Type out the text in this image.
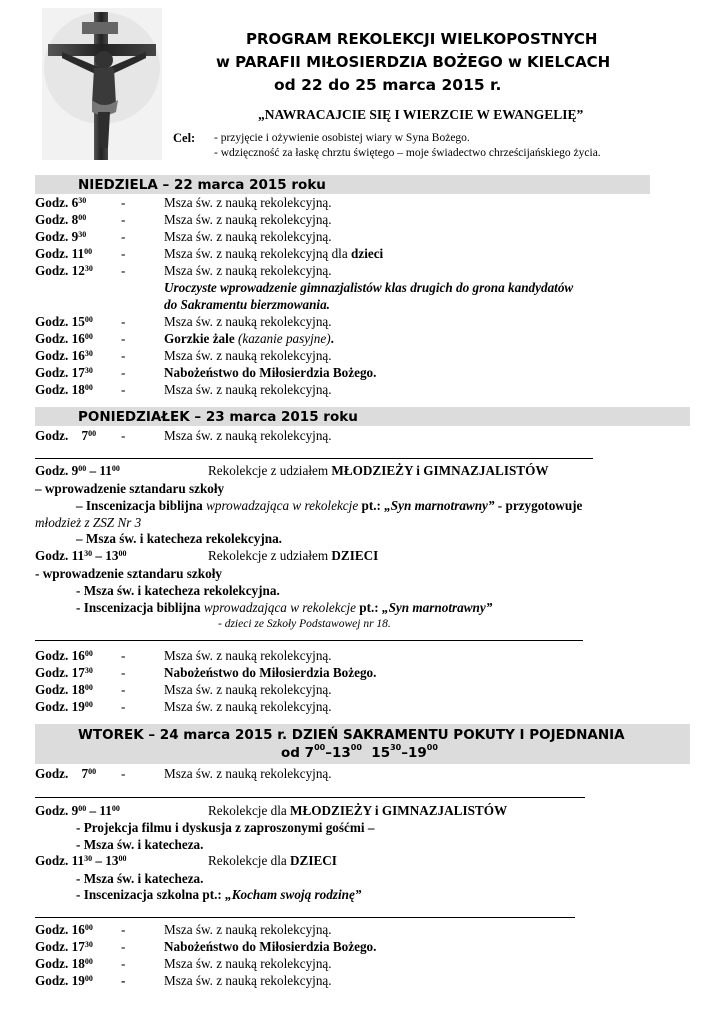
PROGRAM REKOLEKCJI WIELKOPOSTNYCH
w PARAFII MIŁOSIERDZIA BOŻEGO w KIELCACH
od 22 do 25 marca 2015 r.
„NAWRACAJCIE SIĘ I WIERZCIE W EWANGELIĘ”
Cel: - przyjęcie i ożywienie osobistej wiary w Syna Bożego.
- wdzięczność za łaskę chrztu świętego – moje świadectwo chrześcijańskiego życia.
NIEDZIELA – 22 marca 2015 roku
Godz. $6^{30}$	-	Msza św. z nauką rekolekcyjną.
Godz. $8^{00}$	-	Msza św. z nauką rekolekcyjną.
Godz. $9^{30}$	-	Msza św. z nauką rekolekcyjną.
Godz. $11^{00}$ -	Msza św. z nauką rekolekcyjną dla dzieci
Godz. $12^{30}$ -	Msza św. z nauką rekolekcyjną.
Uroczyste wprowadzenie gimnazjalistów klas drugich do grona kandydatów
do Sakramentu bierzmowania.
Godz. $15^{00}$ -	Msza św. z nauką rekolekcyjną.
Godz. $16^{00}$ -	Gorzkie żale (kazanie pasyjne).
Godz. $16^{30}$ -	Msza św. z nauką rekolekcyjną.
Godz. $17^{30}$ -	Nabożeństwo do Miłosierdzia Bożego.
Godz. $18^{00}$ -	Msza św. z nauką rekolekcyjną.
PONIEDZIAŁEK – 23 marca 2015 roku
Godz. $7^{00}$ -	Msza św. z nauką rekolekcyjną.
Godz. $9^{00} - 11^{00}$	Rekolekcje z udziałem MŁODZIEŻY i GIMNAZJALISTÓW
– wprowadzenie sztandaru szkoły
– Inscenizacja biblijna wprowadzająca w rekolekcje pt.: „Syn marnotrawny” - przygotowuje
młodzież z ZSZ Nr 3
– Msza św. i katecheza rekolekcyjna.
Godz. $11^{30} - 13^{00}$	Rekolekcje z udziałem DZIECI
- wprowadzenie sztandaru szkoły
- Msza św. i katecheza rekolekcyjna.
- Inscenizacja biblijna wprowadzająca w rekolekcje pt.: „Syn marnotrawny”
- dzieci ze Szkoły Podstawowej nr 18.
Godz. $16^{00}$ -	Msza św. z nauką rekolekcyjną.
Godz. $17^{30}$ -	Nabożeństwo do Miłosierdzia Bożego.
Godz. $18^{00}$ -	Msza św. z nauką rekolekcyjną.
Godz. $19^{00}$ -	Msza św. z nauką rekolekcyjną.
WTOREK – 24 marca 2015 r. DZIEŃ SAKRAMENTU POKUTY I POJEDNANIA
od $7^{00}-13^{00}$ $15^{30}-19^{00}$
Godz. $7^{00}$ -	Msza św. z nauką rekolekcyjną.
Godz. $9^{00} - 11^{00}$	Rekolekcje dla MŁODZIEŻY i GIMNAZJALISTÓW
- Projekcja filmu i dyskusja z zaproszonymi gośćmi –
- Msza św. i katecheza.
Godz. $11^{30} - 13^{00}$	Rekolekcje dla DZIECI
- Msza św. i katecheza.
- Inscenizacja szkolna pt.: „Kocham swoją rodzinę”
Godz. $16^{00}$ -	Msza św. z nauką rekolekcyjną.
Godz. $17^{30}$ -	Nabożeństwo do Miłosierdzia Bożego.
Godz. $18^{00}$ -	Msza św. z nauką rekolekcyjną.
Godz. $19^{00}$ -	Msza św. z nauką rekolekcyjną.
